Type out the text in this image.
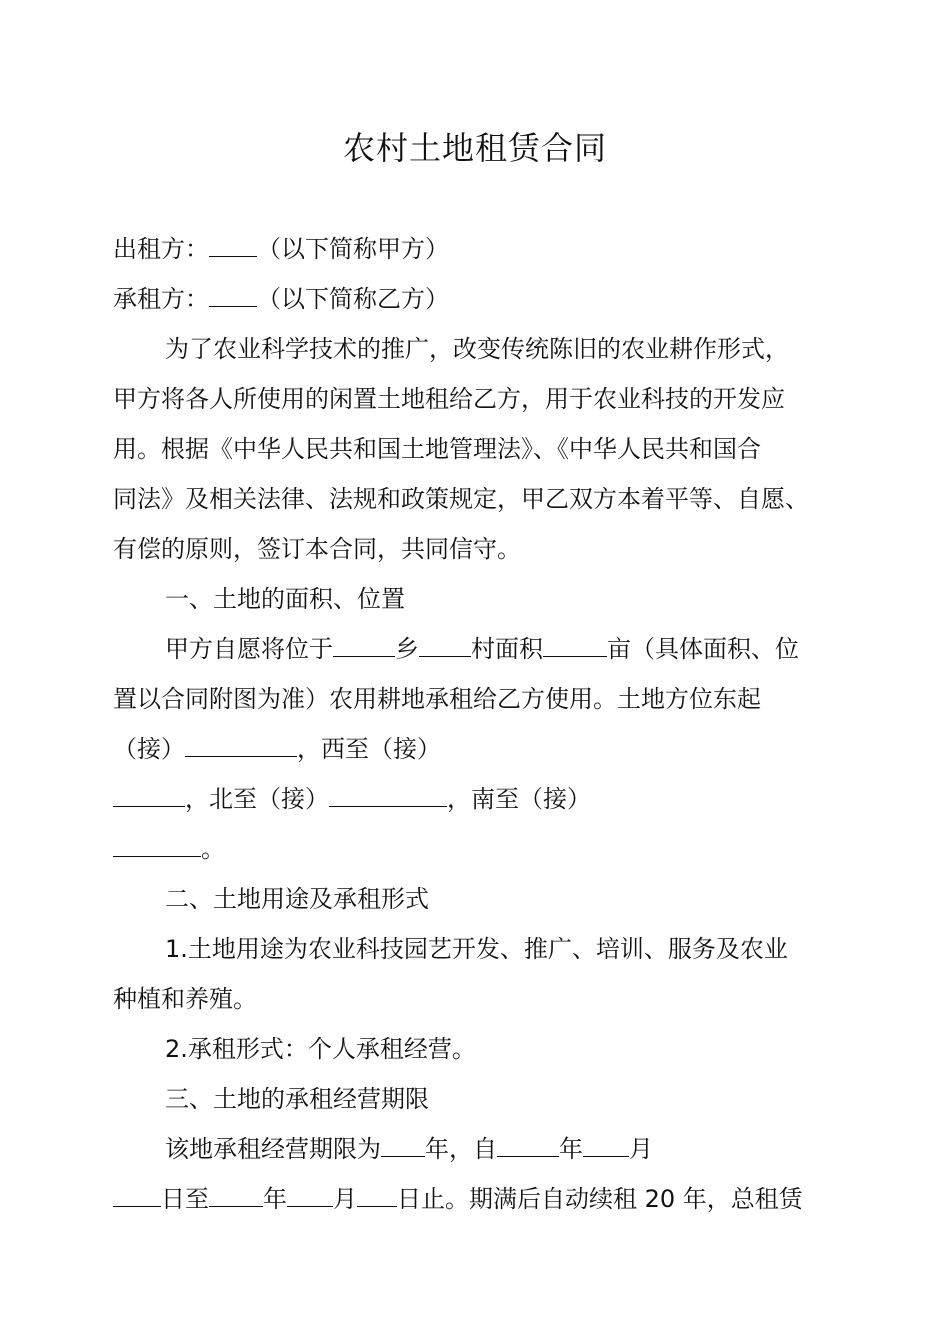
农村土地租赁合同
出租方： （以下简称甲方）
承租方： （以下简称乙方）
为了农业科学技术的推广，改变传统陈旧的农业耕作形式，
甲方将各人所使用的闲置土地租给乙方，用于农业科技的开发应
用。根据《中华人民共和国土地管理法》、《中华人民共和国合
同法》及相关法律、法规和政策规定，甲乙双方本着平等、自愿、
有偿的原则，签订本合同，共同信守。
一、土地的面积、位置
甲方自愿将位于	乡 村面积	亩（具体面积、位
置以合同附图为准）农用耕地承租给乙方使用。土地方位东起
（接）	，西至（接）
，北至（接）	，南至（接）
。
二、土地用途及承租形式
1.土地用途为农业科技园艺开发、推广、培训、服务及农业
种植和养殖。
2.承租形式：个人承租经营。
三、土地的承租经营期限
该地承租经营期限为 年，自	年 月
日至 年 月 日止。期满后自动续租 20 年，总租赁
